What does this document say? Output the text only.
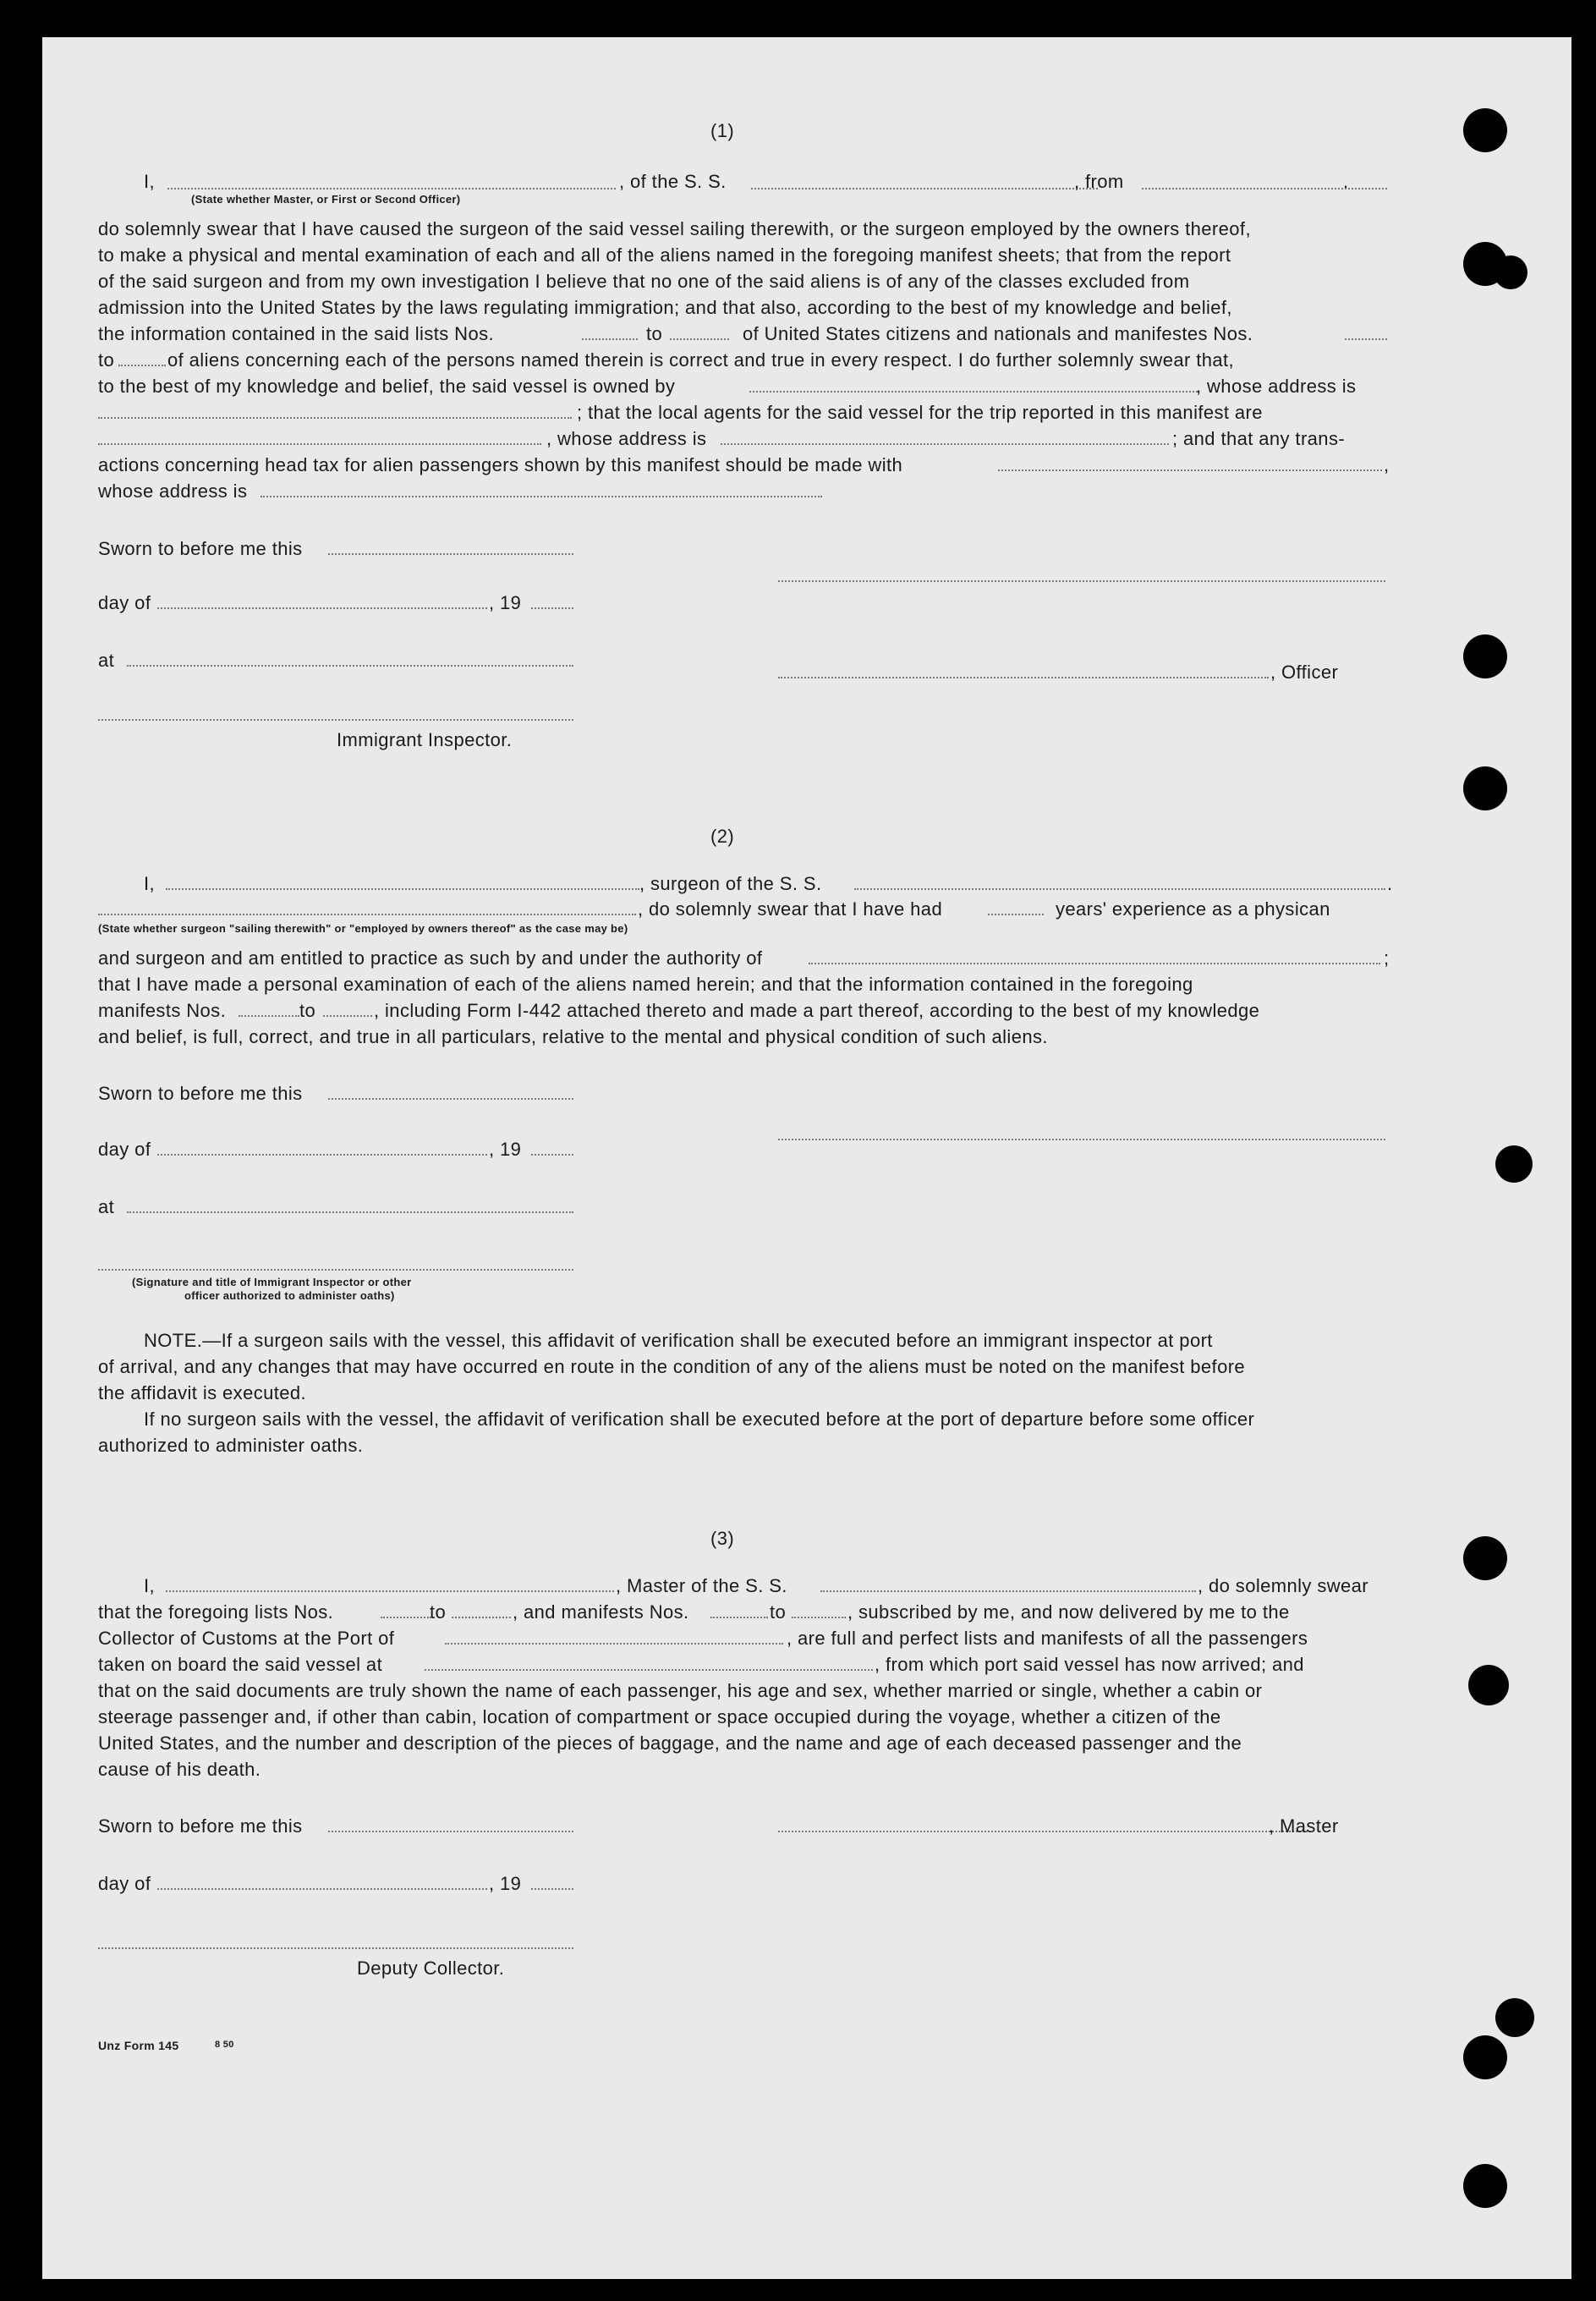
(1)
I,	, of the S. S.	, from	.
(State whether Master, or First or Second Officer)
do solemnly swear that I have caused the surgeon of the said vessel sailing therewith, or the surgeon employed by the owners thereof,
to make a physical and mental examination of each and all of the aliens named in the foregoing manifest sheets; that from the report
of the said surgeon and from my own investigation I believe that no one of the said aliens is of any of the classes excluded from
admission into the United States by the laws regulating immigration; and that also, according to the best of my knowledge and belief,
the information contained in the said lists Nos.	to	of United States citizens and nationals and manifestes Nos.
to	of aliens concerning each of the persons named therein is correct and true in every respect. I do further solemnly swear that,
to the best of my knowledge and belief, the said vessel is owned by	, whose address is
; that the local agents for the said vessel for the trip reported in this manifest are
, whose address is	; and that any trans-
actions concerning head tax for alien passengers shown by this manifest should be made with	,
whose address is
Sworn to before me this
day of	, 19
at
, Officer
Immigrant Inspector.
(2)
I,	, surgeon of the S. S.	.
, do solemnly swear that I have had	years' experience as a physican
(State whether surgeon "sailing therewith" or "employed by owners thereof" as the case may be)
and surgeon and am entitled to practice as such by and under the authority of	;
that I have made a personal examination of each of the aliens named herein; and that the information contained in the foregoing
manifests Nos.	to	, including Form I-442 attached thereto and made a part thereof, according to the best of my knowledge
and belief, is full, correct, and true in all particulars, relative to the mental and physical condition of such aliens.
Sworn to before me this
day of	, 19
at
(Signature and title of Immigrant Inspector or other
officer authorized to administer oaths)
NOTE.—If a surgeon sails with the vessel, this affidavit of verification shall be executed before an immigrant inspector at port
of arrival, and any changes that may have occurred en route in the condition of any of the aliens must be noted on the manifest before
the affidavit is executed.
If no surgeon sails with the vessel, the affidavit of verification shall be executed before at the port of departure before some officer
authorized to administer oaths.
(3)
I,	, Master of the S. S.	, do solemnly swear
that the foregoing lists Nos.	to	, and manifests Nos.	to	, subscribed by me, and now delivered by me to the
Collector of Customs at the Port of	, are full and perfect lists and manifests of all the passengers
taken on board the said vessel at	, from which port said vessel has now arrived; and
that on the said documents are truly shown the name of each passenger, his age and sex, whether married or single, whether a cabin or
steerage passenger and, if other than cabin, location of compartment or space occupied during the voyage, whether a citizen of the
United States, and the number and description of the pieces of baggage, and the name and age of each deceased passenger and the
cause of his death.
Sworn to before me this	, Master
day of	, 19
Deputy Collector.
Unz Form 145	8 50
